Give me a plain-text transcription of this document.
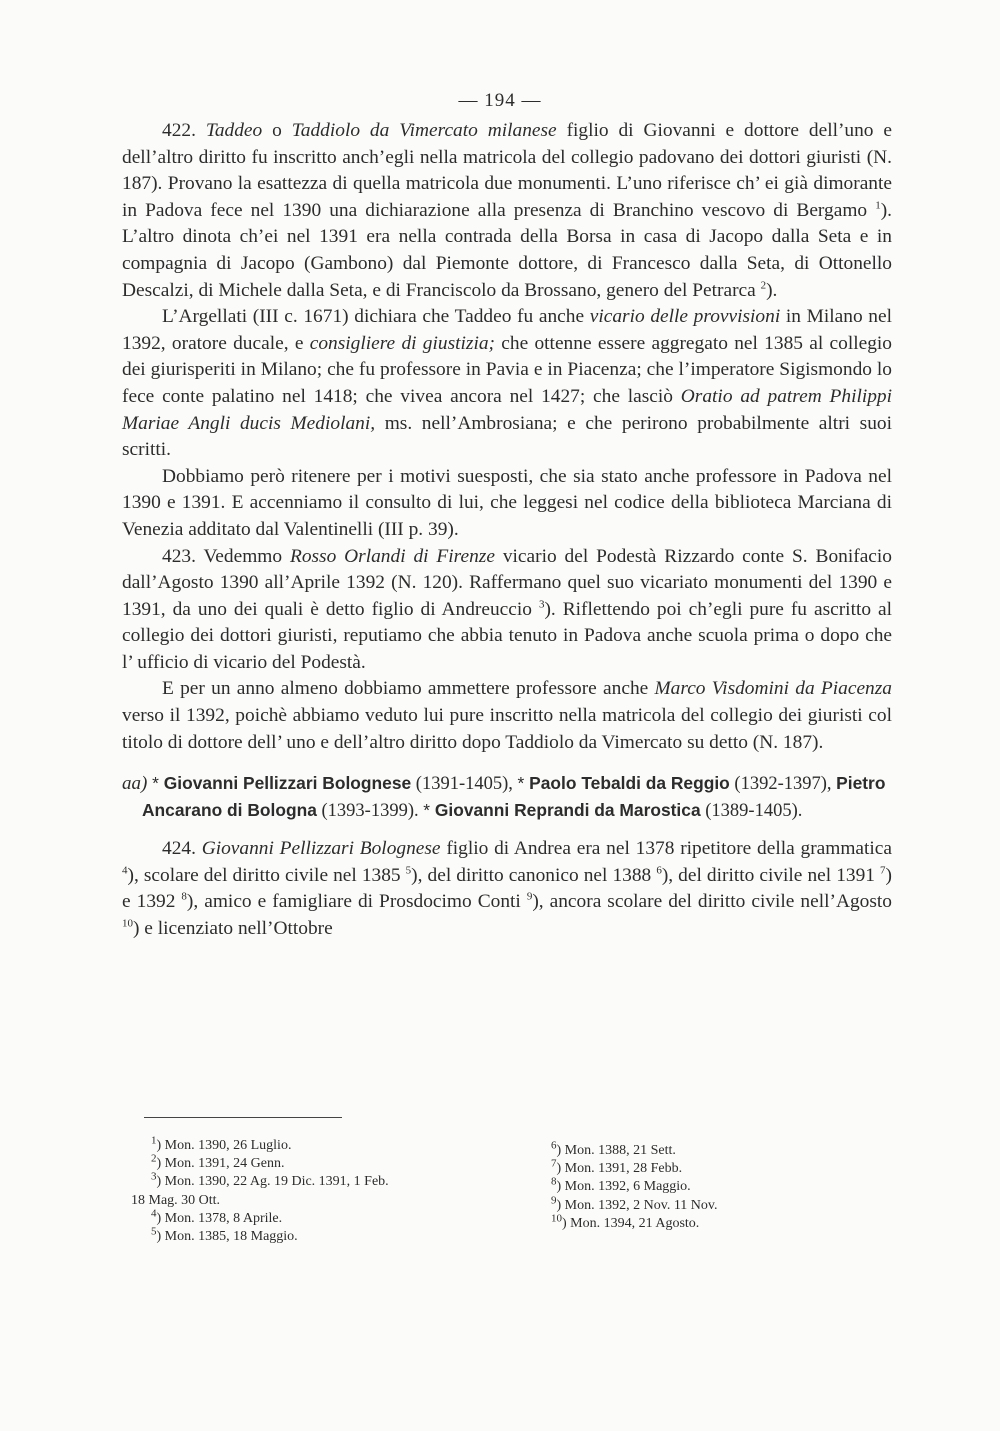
— 194 —

422. Taddeo o Taddiolo da Vimercato milanese figlio di Giovanni e dottore dell’uno e dell’altro diritto fu inscritto anch’egli nella matricola del collegio padovano dei dottori giuristi (N. 187). Provano la esattezza di quella matricola due monumenti. L’uno riferisce ch’ ei già dimorante in Padova fece nel 1390 una dichiarazione alla presenza di Branchino vescovo di Bergamo $^1$). L’altro dinota ch’ei nel 1391 era nella contrada della Borsa in casa di Jacopo dalla Seta e in compagnia di Jacopo (Gambono) dal Piemonte dottore, di Francesco dalla Seta, di Ottonello Descalzi, di Michele dalla Seta, e di Franciscolo da Brossano, genero del Petrarca $^2$).

L’Argellati (III c. 1671) dichiara che Taddeo fu anche vicario delle provvisioni in Milano nel 1392, oratore ducale, e consigliere di giustizia; che ottenne essere aggregato nel 1385 al collegio dei giurisperiti in Milano; che fu professore in Pavia e in Piacenza; che l’imperatore Sigismondo lo fece conte palatino nel 1418; che vivea ancora nel 1427; che lasciò Oratio ad patrem Philippi Mariae Angli ducis Mediolani, ms. nell’Ambrosiana; e che perirono probabilmente altri suoi scritti.

Dobbiamo però ritenere per i motivi suesposti, che sia stato anche professore in Padova nel 1390 e 1391. E accenniamo il consulto di lui, che leggesi nel codice della biblioteca Marciana di Venezia additato dal Valentinelli (III p. 39).

423. Vedemmo Rosso Orlandi di Firenze vicario del Podestà Rizzardo conte S. Bonifacio dall’Agosto 1390 all’Aprile 1392 (N. 120). Raffermano quel suo vicariato monumenti del 1390 e 1391, da uno dei quali è detto figlio di Andreuccio $^3$). Riflettendo poi ch’egli pure fu ascritto al collegio dei dottori giuristi, reputiamo che abbia tenuto in Padova anche scuola prima o dopo che l’ ufficio di vicario del Podestà.

E per un anno almeno dobbiamo ammettere professore anche Marco Visdomini da Piacenza verso il 1392, poichè abbiamo veduto lui pure inscritto nella matricola del collegio dei giuristi col titolo di dottore dell’ uno e dell’altro diritto dopo Taddiolo da Vimercato su detto (N. 187).

aa) * Giovanni Pellizzari Bolognese (1391-1405), * Paolo Tebaldi da Reggio (1392-1397), Pietro Ancarano di Bologna (1393-1399). * Giovanni Reprandi da Marostica (1389-1405).

424. Giovanni Pellizzari Bolognese figlio di Andrea era nel 1378 ripetitore della grammatica $^4$), scolare del diritto civile nel 1385 $^5$), del diritto canonico nel 1388 $^6$), del diritto civile nel 1391 $^7$) e 1392 $^8$), amico e famigliare di Prosdocimo Conti $^9$), ancora scolare del diritto civile nell’Agosto $^{10}$) e licenziato nell’Ottobre

$^1$) Mon. 1390, 26 Luglio.

$^2$) Mon. 1391, 24 Genn.

$^3$) Mon. 1390, 22 Ag. 19 Dic. 1391, 1 Feb.

18 Mag. 30 Ott.

$^4$) Mon. 1378, 8 Aprile.

$^5$) Mon. 1385, 18 Maggio.

$^6$) Mon. 1388, 21 Sett.

$^7$) Mon. 1391, 28 Febb.

$^8$) Mon. 1392, 6 Maggio.

$^9$) Mon. 1392, 2 Nov. 11 Nov.

$^{10}$) Mon. 1394, 21 Agosto.
